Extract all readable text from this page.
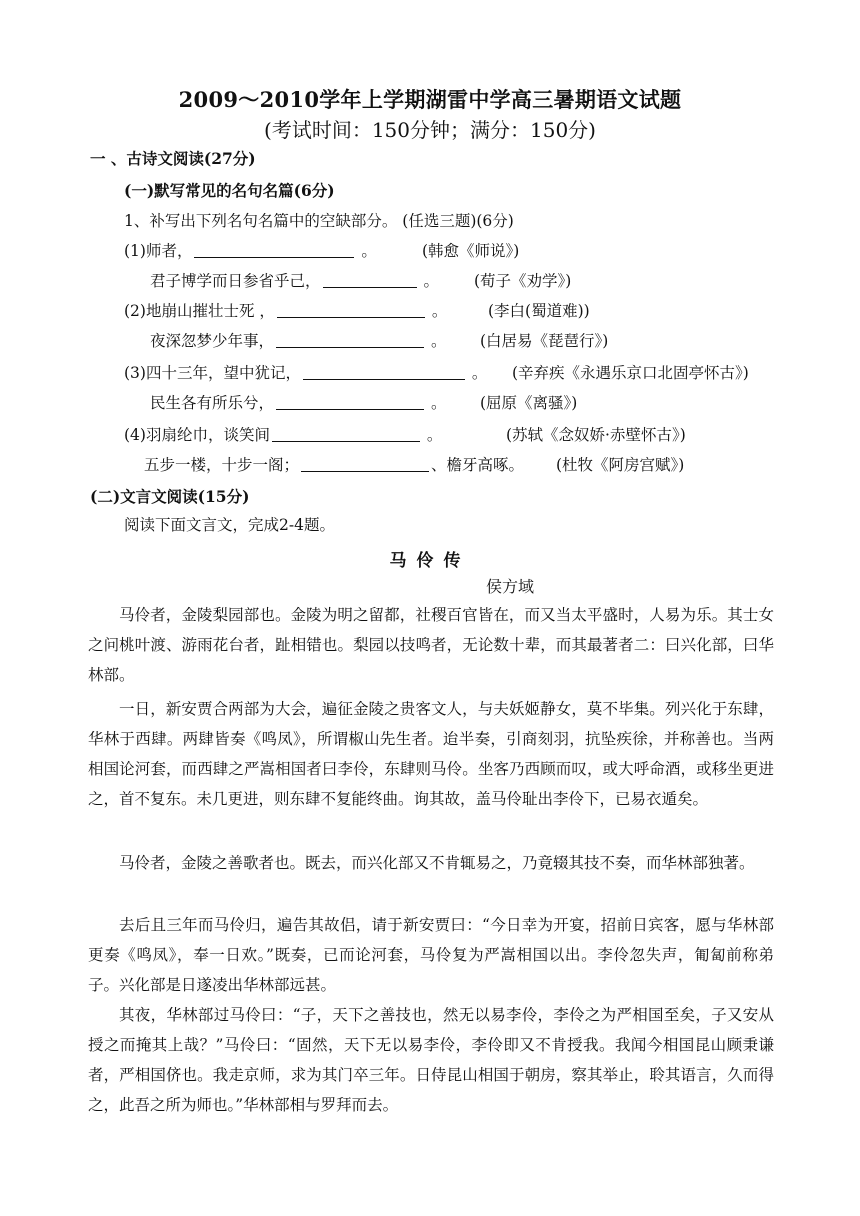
2009～2010学年上学期湖雷中学高三暑期语文试题
(考试时间：150分钟；满分：150分)
一 、古诗文阅读(27分)
(一)默写常见的名句名篇(6分)
1、补写出下列名句名篇中的空缺部分。 (任选三题)(6分)
(1)师者，	。	(韩愈《师说》)
君子博学而日参省乎己，	。 (荀子《劝学》)
(2)地崩山摧壮士死 ，	。	(李白(蜀道难))
夜深忽梦少年事，	。 (白居易《琵琶行》)
(3)四十三年，望中犹记，	。 (辛弃疾《永遇乐京口北固亭怀古》)
民生各有所乐兮，	。 (屈原《离骚》)
(4)羽扇纶巾，谈笑间	。	(苏轼《念奴娇·赤壁怀古》)
五步一楼，十步一阁；	、檐牙高啄。 (杜牧《阿房宫赋》)
(二)文言文阅读(15分)
阅读下面文言文，完成2-4题。
马伶传
侯方域
马伶者，金陵梨园部也。金陵为明之留都，社稷百官皆在，而又当太平盛时，人易为乐。其士女之问桃叶渡、游雨花台者，趾相错也。梨园以技鸣者，无论数十辈，而其最著者二：曰兴化部，曰华林部。
一日，新安贾合两部为大会，遍征金陵之贵客文人，与夫妖姬静女，莫不毕集。列兴化于东肆，华林于西肆。两肆皆奏《鸣凤》，所谓椒山先生者。迨半奏，引商刻羽，抗坠疾徐，并称善也。当两相国论河套，而西肆之严嵩相国者曰李伶，东肆则马伶。坐客乃西顾而叹，或大呼命酒，或移坐更进之，首不复东。未几更进，则东肆不复能终曲。询其故，盖马伶耻出李伶下，已易衣遁矣。
马伶者，金陵之善歌者也。既去，而兴化部又不肯辄易之，乃竟辍其技不奏，而华林部独著。
去后且三年而马伶归，遍告其故侣，请于新安贾曰：“今日幸为开宴，招前日宾客，愿与华林部更奏《鸣凤》，奉一日欢。”既奏，已而论河套，马伶复为严嵩相国以出。李伶忽失声，匍匐前称弟子。兴化部是日遂凌出华林部远甚。
其夜，华林部过马伶曰：“子，天下之善技也，然无以易李伶，李伶之为严相国至矣，子又安从授之而掩其上哉？”马伶曰：“固然，天下无以易李伶，李伶即又不肯授我。我闻今相国昆山顾秉谦者，严相国侪也。我走京师，求为其门卒三年。日侍昆山相国于朝房，察其举止，聆其语言，久而得之，此吾之所为师也。”华林部相与罗拜而去。
